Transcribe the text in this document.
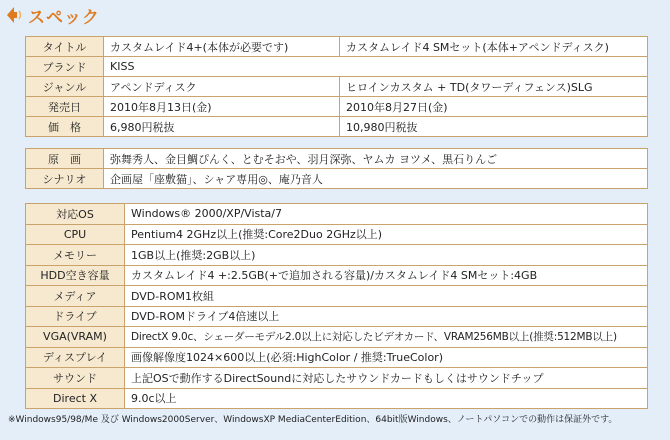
スペック
タイトル	カスタムレイド4+(本体が必要です)	カスタムレイド4 SMセット(本体+アペンドディスク)
ブランド	KISS	
ジャンル	アペンドディスク	ヒロインカスタム + TD(タワーディフェンス)SLG
発売日	2010年8月13日(金)	2010年8月27日(金)
価　格	6,980円税抜	10,980円税抜
原　画	弥舞秀人、金目鯛ぴんく、とむそおや、羽月深弥、ヤムカ ヨツメ、黒石りんご
シナリオ	企画屋「座敷猫」、シャア専用◎、庵乃音人
対応OS	Windows® 2000/XP/Vista/7
CPU	Pentium4 2GHz以上(推奨:Core2Duo 2GHz以上)
メモリー	1GB以上(推奨:2GB以上)
HDD空き容量	カスタムレイド4 +:2.5GB(+で追加される容量)/カスタムレイド4 SMセット:4GB
メディア	DVD-ROM1枚組
ドライブ	DVD-ROMドライブ4倍速以上
VGA(VRAM)	DirectX 9.0c、シェーダーモデル2.0以上に対応したビデオカード、VRAM256MB以上(推奨:512MB以上)
ディスプレイ	画像解像度1024×600以上(必須:HighColor / 推奨:TrueColor)
サウンド	上記OSで動作するDirectSoundに対応したサウンドカードもしくはサウンドチップ
Direct X	9.0c以上
※Windows95/98/Me 及び Windows2000Server、WindowsXP MediaCenterEdition、64bit版Windows、ノートパソコンでの動作は保証外です。
